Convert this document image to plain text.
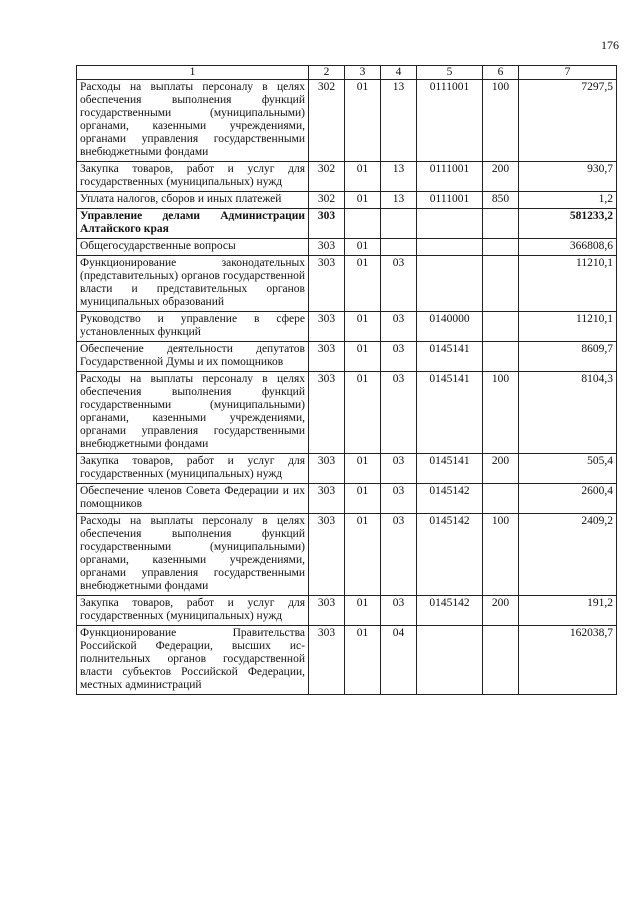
176
1	2	3	4	5	6	7
Расходы на выплаты персоналу в целях обеспечения выполнения функций государственными (муниципальными) органами, казенными учреждениями, органами управления государственными внебюджетными фондами	302	01	13	0111001	100	7297,5
Закупка товаров, работ и услуг для государственных (муниципальных) нужд	302	01	13	0111001	200	930,7
Уплата налогов, сборов и иных платежей	302	01	13	0111001	850	1,2
Управление делами Администрации Алтайского края	303					581233,2
Общегосударственные вопросы	303	01				366808,6
Функционирование законодательных (представительных) органов государственной власти и представительных органов муниципальных образований	303	01	03			11210,1
Руководство и управление в сфере установленных функций	303	01	03	0140000		11210,1
Обеспечение деятельности депутатов Государственной Думы и их помощников	303	01	03	0145141		8609,7
Расходы на выплаты персоналу в целях обеспечения выполнения функций государственными (муниципальными) органами, казенными учреждениями, органами управления государственными внебюджетными фондами	303	01	03	0145141	100	8104,3
Закупка товаров, работ и услуг для государственных (муниципальных) нужд	303	01	03	0145141	200	505,4
Обеспечение членов Совета Федерации и их помощников	303	01	03	0145142		2600,4
Расходы на выплаты персоналу в целях обеспечения выполнения функций государственными (муниципальными) органами, казенными учреждениями, органами управления государственными внебюджетными фондами	303	01	03	0145142	100	2409,2
Закупка товаров, работ и услуг для государственных (муниципальных) нужд	303	01	03	0145142	200	191,2
Функционирование Правительства Российской Федерации, высших исполнительных органов государственной власти субъектов Российской Федерации, местных администраций	303	01	04			162038,7
